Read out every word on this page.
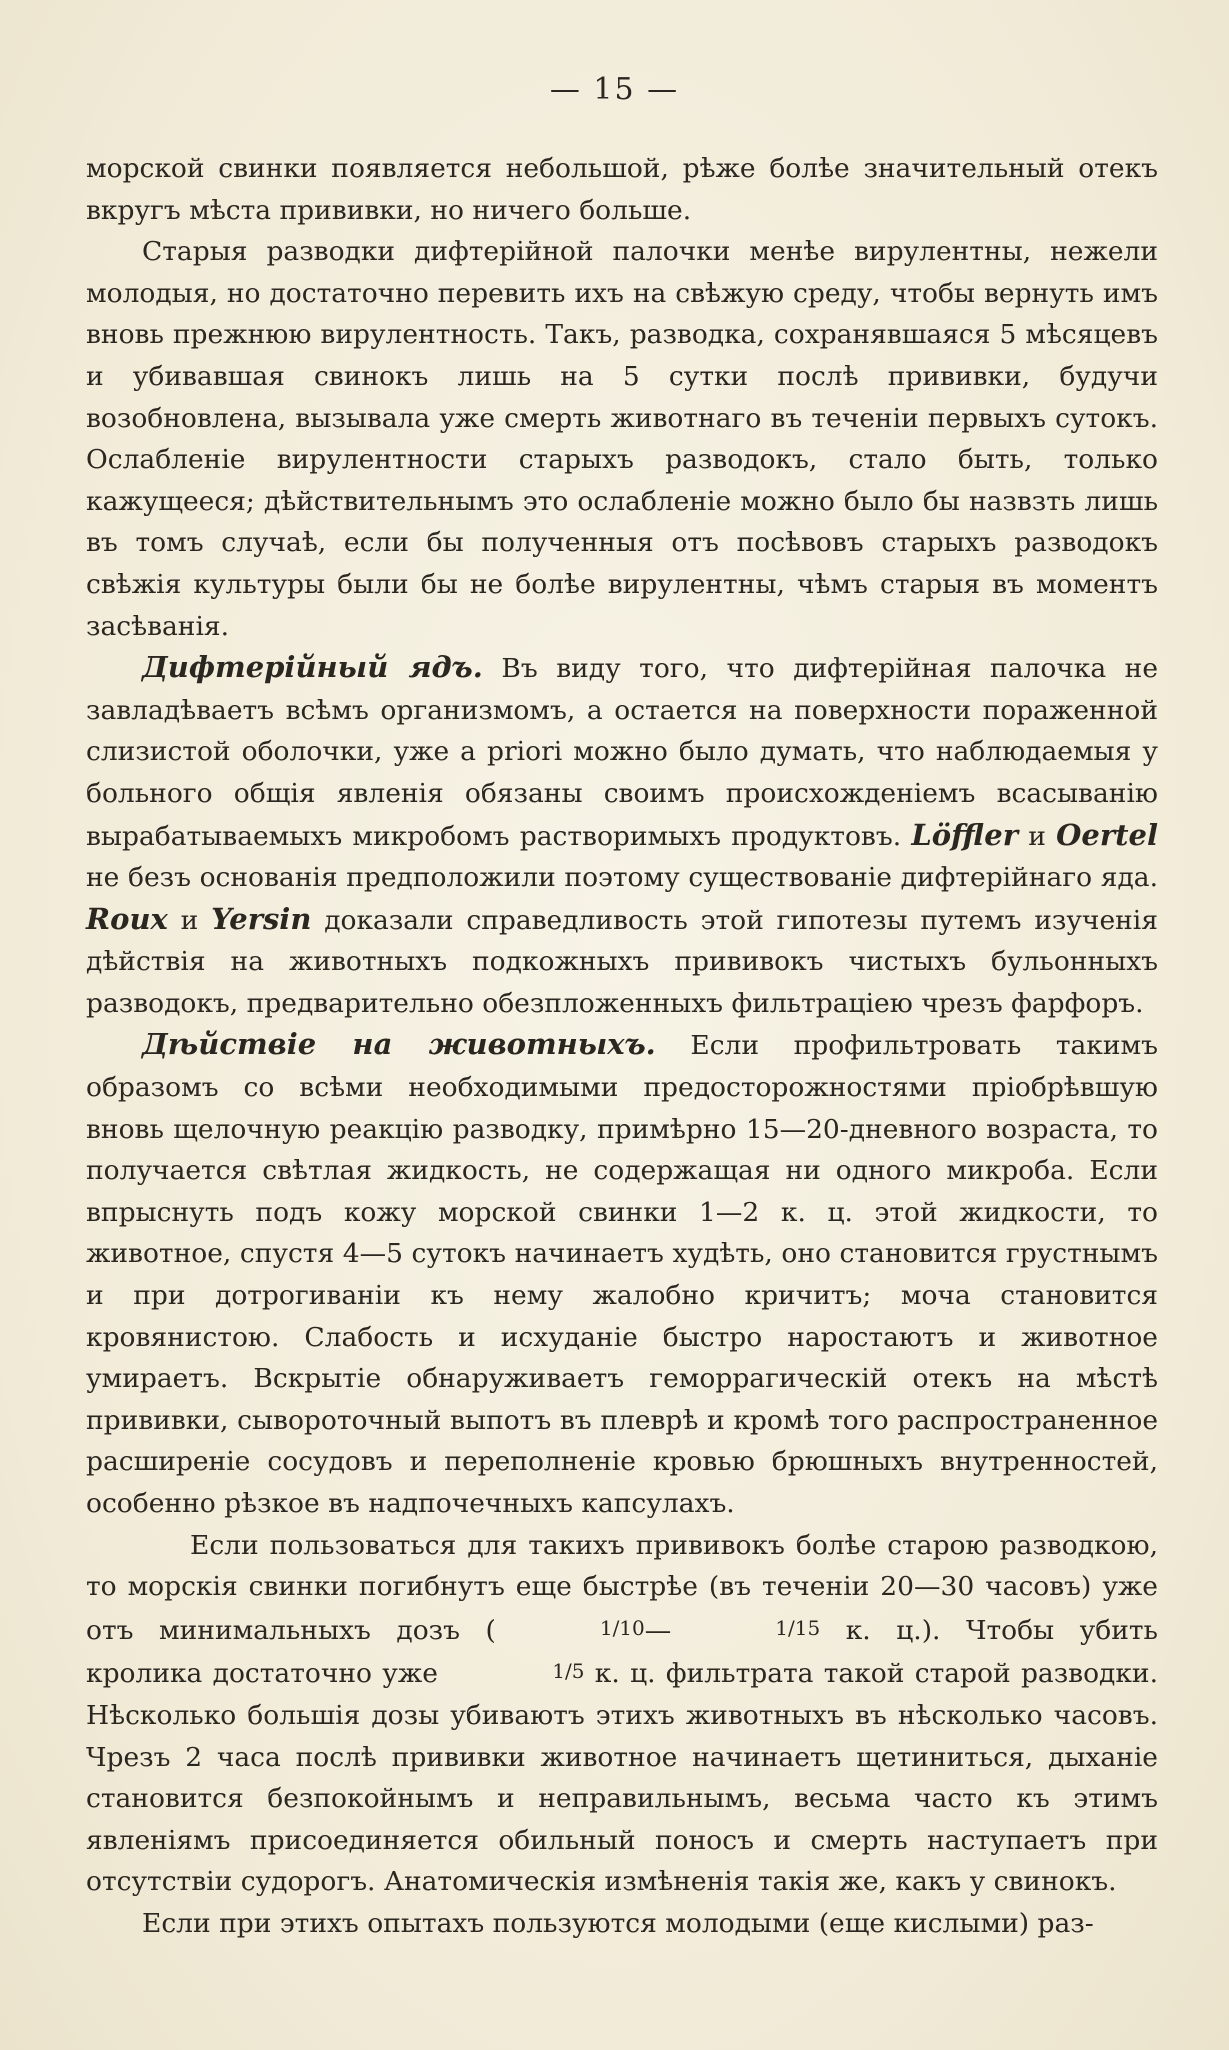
— 15 —

морской свинки появляется небольшой, рѣже болѣе значительный отекъ вкругъ мѣста прививки, но ничего больше.

Старыя разводки дифтерійной палочки менѣе вирулентны, нежели молодыя, но достаточно перевить ихъ на свѣжую среду, чтобы вернуть имъ вновь прежнюю вирулентность. Такъ, разводка, сохранявшаяся 5 мѣсяцевъ и убивавшая свинокъ лишь на 5 сутки послѣ прививки, будучи возобновлена, вызывала уже смерть животнаго въ теченіи первыхъ сутокъ. Ослабленіе вирулентности старыхъ разводокъ, стало быть, только кажущееся; дѣйствительнымъ это ослабленіе можно было бы назвзть лишь въ томъ случаѣ, если бы полученныя отъ посѣвовъ старыхъ разводокъ свѣжія культуры были бы не болѣе вирулентны, чѣмъ старыя въ моментъ засѣванія.

Дифтерійный ядъ. Въ виду того, что дифтерійная палочка не завладѣваетъ всѣмъ организмомъ, а остается на поверхности пораженной слизистой оболочки, уже a priori можно было думать, что наблюдаемыя у больного общія явленія обязаны своимъ происхожденіемъ всасыванію вырабатываемыхъ микробомъ растворимыхъ продуктовъ. Löffler и Oertel не безъ основанія предположили поэтому существованіе дифтерійнаго яда. Roux и Yersin доказали справедливость этой гипотезы путемъ изученія дѣйствія на животныхъ подкожныхъ прививокъ чистыхъ бульонныхъ разводокъ, предварительно обезпложенныхъ фильтраціею чрезъ фарфоръ.

Дѣйствіе на животныхъ. Если профильтровать такимъ образомъ со всѣми необходимыми предосторожностями пріобрѣвшую вновь щелочную реакцію разводку, примѣрно 15—20-дневного возраста, то получается свѣтлая жидкость, не содержащая ни одного микроба. Если впрыснуть подъ кожу морской свинки 1—2 к. ц. этой жидкости, то животное, спустя 4—5 сутокъ начинаетъ худѣть, оно становится грустнымъ и при дотрогиваніи къ нему жалобно кричитъ; моча становится кровянистою. Слабость и исхуданіе быстро наростаютъ и животное умираетъ. Вскрытіе обнаруживаетъ геморрагическій отекъ на мѣстѣ прививки, сывороточный выпотъ въ плеврѣ и кромѣ того распространенное расширеніе сосудовъ и переполненіе кровью брюшныхъ внутренностей, особенно рѣзкое въ надпочечныхъ капсулахъ.

Если пользоваться для такихъ прививокъ болѣе старою разводкою, то морскія свинки погибнутъ еще быстрѣе (въ теченіи 20—30 часовъ) уже отъ минимальныхъ дозъ (	1/10—	1/15 к. ц.). Чтобы убить кролика достаточно уже	1/5 к. ц. фильтрата такой старой разводки. Нѣсколько большія дозы убиваютъ этихъ животныхъ въ нѣсколько часовъ. Чрезъ 2 часа послѣ прививки животное начинаетъ щетиниться, дыханіе становится безпокойнымъ и неправильнымъ, весьма часто къ этимъ явленіямъ присоединяется обильный поносъ и смерть наступаетъ при отсутствіи судорогъ. Анатомическія измѣненія такія же, какъ у свинокъ.

Если при этихъ опытахъ пользуются молодыми (еще кислыми) раз-
